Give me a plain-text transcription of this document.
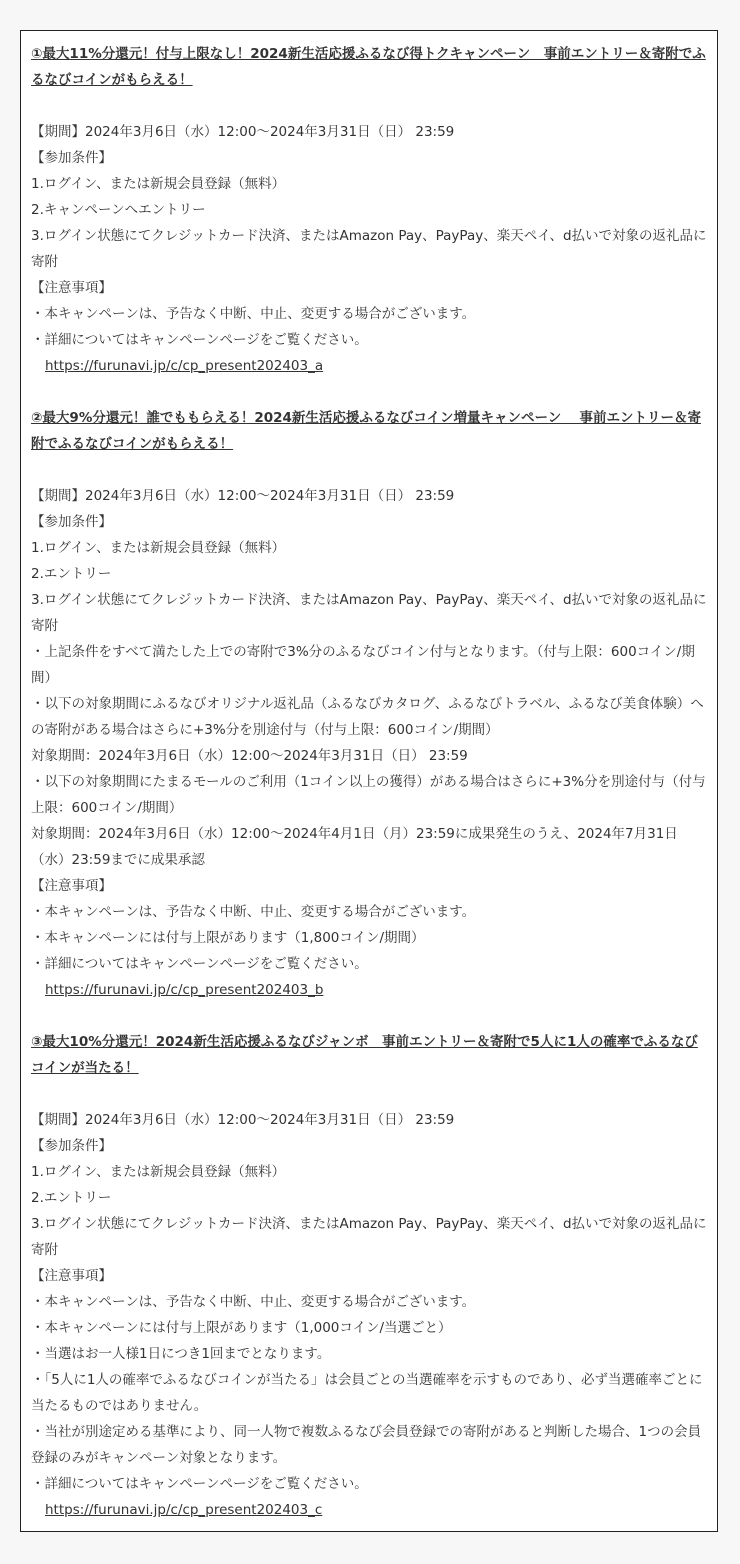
①最大11%分還元！付与上限なし！2024新生活応援ふるなび得トクキャンペーン　事前エントリー＆寄附でふるなびコインがもらえる！

【期間】2024年3月6日（水）12:00～2024年3月31日（日） 23:59

【参加条件】

1.ログイン、または新規会員登録（無料）

2.キャンペーンへエントリー

3.ログイン状態にてクレジットカード決済、またはAmazon Pay、PayPay、楽天ペイ、d払いで対象の返礼品に寄附

【注意事項】

・本キャンペーンは、予告なく中断、中止、変更する場合がございます。

・詳細についてはキャンペーンページをご覧ください。

https://furunavi.jp/c/cp_present202403_a

②最大9%分還元！誰でももらえる！2024新生活応援ふるなびコイン増量キャンペーン　 事前エントリー＆寄附でふるなびコインがもらえる！

【期間】2024年3月6日（水）12:00～2024年3月31日（日） 23:59

【参加条件】

1.ログイン、または新規会員登録（無料）

2.エントリー

3.ログイン状態にてクレジットカード決済、またはAmazon Pay、PayPay、楽天ペイ、d払いで対象の返礼品に寄附

・上記条件をすべて満たした上での寄附で3%分のふるなびコイン付与となります。（付与上限：600コイン/期間）

・以下の対象期間にふるなびオリジナル返礼品（ふるなびカタログ、ふるなびトラベル、ふるなび美食体験）への寄附がある場合はさらに+3%分を別途付与（付与上限：600コイン/期間）

対象期間：2024年3月6日（水）12:00～2024年3月31日（日） 23:59

・以下の対象期間にたまるモールのご利用（1コイン以上の獲得）がある場合はさらに+3%分を別途付与（付与上限：600コイン/期間）

対象期間：2024年3月6日（水）12:00～2024年4月1日（月）23:59に成果発生のうえ、2024年7月31日（水）23:59までに成果承認

【注意事項】

・本キャンペーンは、予告なく中断、中止、変更する場合がございます。

・本キャンペーンには付与上限があります（1,800コイン/期間）

・詳細についてはキャンペーンページをご覧ください。

https://furunavi.jp/c/cp_present202403_b

③最大10%分還元！2024新生活応援ふるなびジャンボ　事前エントリー＆寄附で5人に1人の確率でふるなびコインが当たる！

【期間】2024年3月6日（水）12:00～2024年3月31日（日） 23:59

【参加条件】

1.ログイン、または新規会員登録（無料）

2.エントリー

3.ログイン状態にてクレジットカード決済、またはAmazon Pay、PayPay、楽天ペイ、d払いで対象の返礼品に寄附

【注意事項】

・本キャンペーンは、予告なく中断、中止、変更する場合がございます。

・本キャンペーンには付与上限があります（1,000コイン/当選ごと）

・当選はお一人様1日につき1回までとなります。

・「5人に1人の確率でふるなびコインが当たる」は会員ごとの当選確率を示すものであり、必ず当選確率ごとに当たるものではありません。

・当社が別途定める基準により、同一人物で複数ふるなび会員登録での寄附があると判断した場合、1つの会員登録のみがキャンペーン対象となります。

・詳細についてはキャンペーンページをご覧ください。

https://furunavi.jp/c/cp_present202403_c
